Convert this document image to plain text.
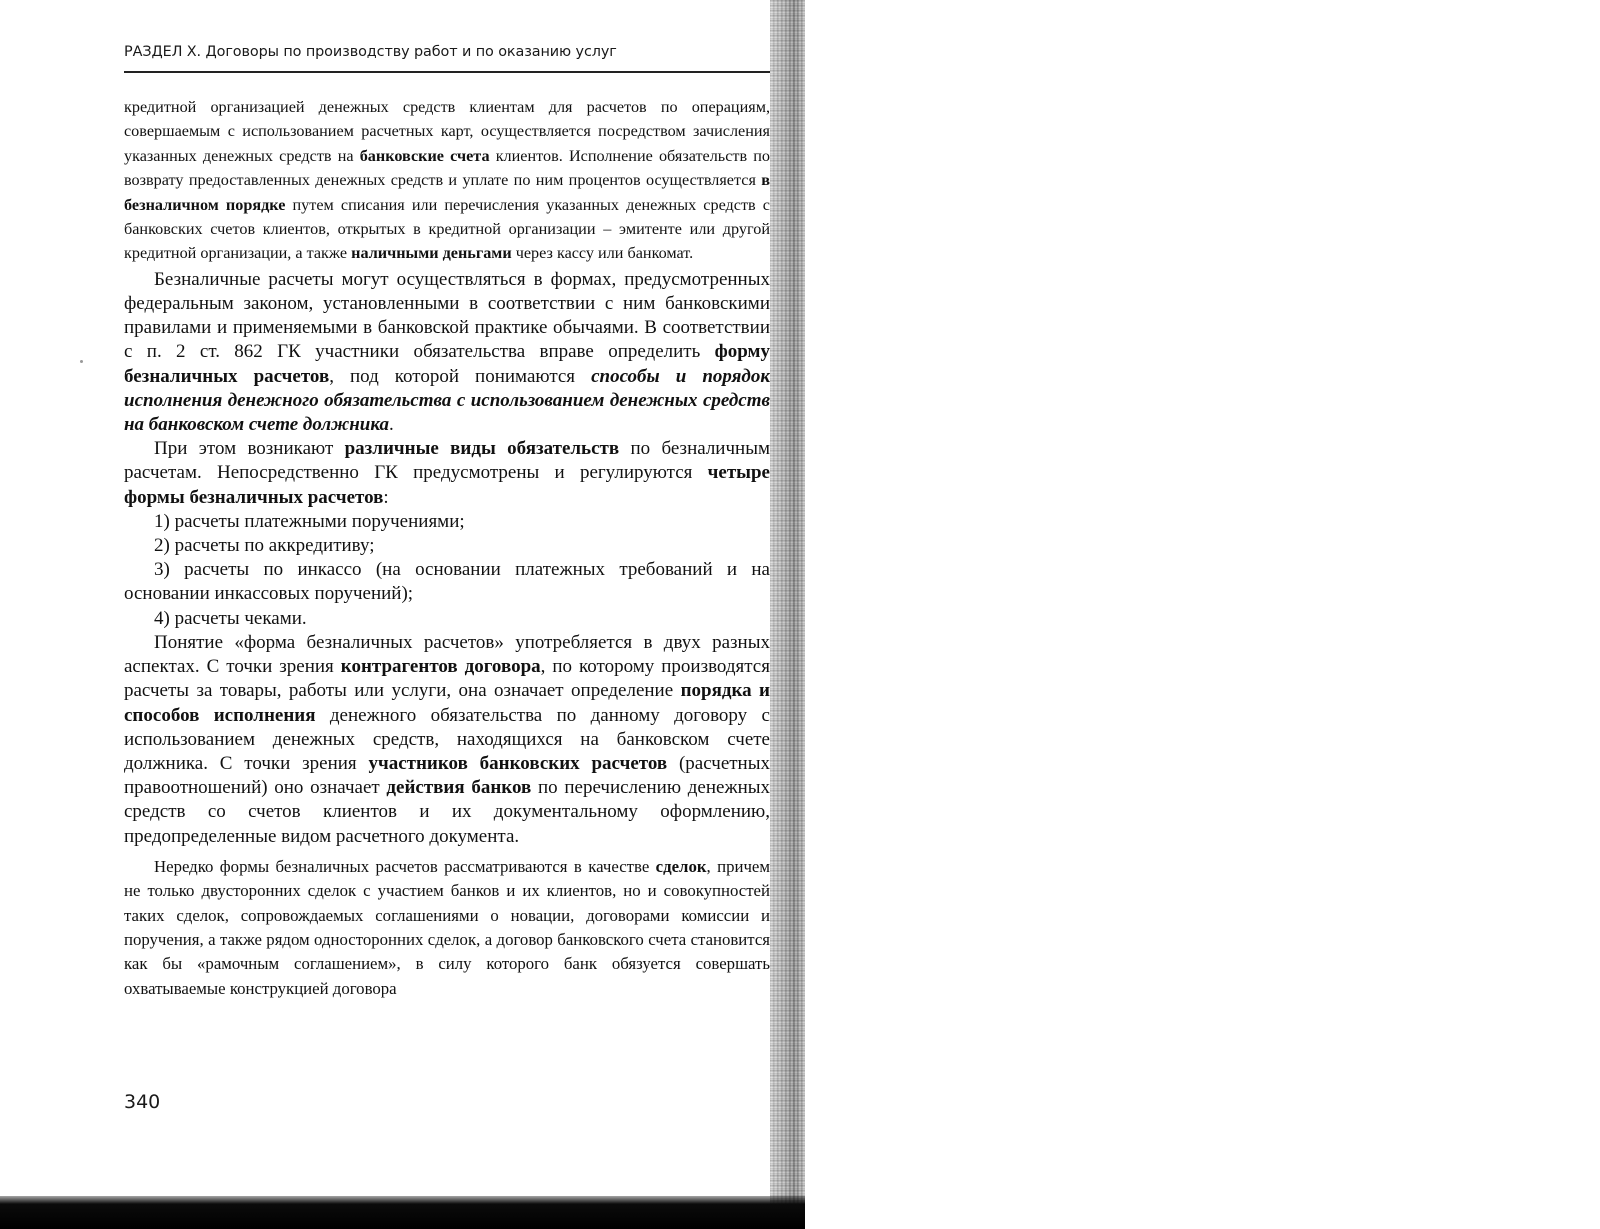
РАЗДЕЛ X. Договоры по производству работ и по оказанию услуг

кредитной организацией денежных средств клиентам для расчетов по операциям, совершаемым с использованием расчетных карт, осуществляется посредством зачисления указанных денежных средств на банковские счета клиентов. Исполнение обязательств по возврату предоставленных денежных средств и уплате по ним процентов осуществляется в безналичном порядке путем списания или перечисления указанных денежных средств с банковских счетов клиентов, открытых в кредитной организации – эмитенте или другой кредитной организации, а также наличными деньгами через кассу или банкомат.

Безналичные расчеты могут осуществляться в формах, предусмотренных федеральным законом, установленными в соответствии с ним банковскими правилами и применяемыми в банковской практике обычаями. В соответствии с п. 2 ст. 862 ГК участники обязательства вправе определить форму безналичных расчетов, под которой понимаются способы и порядок исполнения денежного обязательства с использованием денежных средств на банковском счете должника.

При этом возникают различные виды обязательств по безналичным расчетам. Непосредственно ГК предусмотрены и регулируются четыре формы безналичных расчетов:

1) расчеты платежными поручениями;

2) расчеты по аккредитиву;

3) расчеты по инкассо (на основании платежных требований и на основании инкассовых поручений);

4) расчеты чеками.

Понятие «форма безналичных расчетов» употребляется в двух разных аспектах. С точки зрения контрагентов договора, по которому производятся расчеты за товары, работы или услуги, она означает определение порядка и способов исполнения денежного обязательства по данному договору с использованием денежных средств, находящихся на банковском счете должника. С точки зрения участников банковских расчетов (расчетных правоотношений) оно означает действия банков по перечислению денежных средств со счетов клиентов и их документальному оформлению, предопределенные видом расчетного документа.

Нередко формы безналичных расчетов рассматриваются в качестве сделок, причем не только двусторонних сделок с участием банков и их клиентов, но и совокупностей таких сделок, сопровождаемых соглашениями о новации, договорами комиссии и поручения, а также рядом односторонних сделок, а договор банковского счета становится как бы «рамочным соглашением», в силу которого банк обязуется совершать охватываемые конструкцией договора

340
